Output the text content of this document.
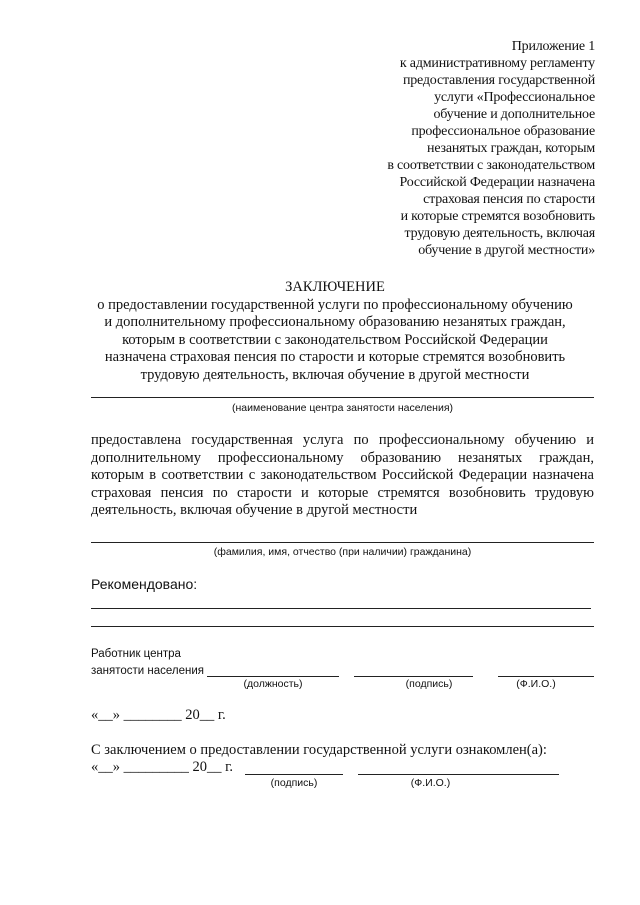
Приложение 1
к административному регламенту
предоставления государственной
услуги «Профессиональное
обучение и дополнительное
профессиональное образование
незанятых граждан, которым
в соответствии с законодательством
Российской Федерации назначена
страховая пенсия по старости
и которые стремятся возобновить
трудовую деятельность, включая
обучение в другой местности»
ЗАКЛЮЧЕНИЕ
о предоставлении государственной услуги по профессиональному обучению
и дополнительному профессиональному образованию незанятых граждан,
которым в соответствии с законодательством Российской Федерации
назначена страховая пенсия по старости и которые стремятся возобновить
трудовую деятельность, включая обучение в другой местности
(наименование центра занятости населения)
предоставлена государственная услуга по профессиональному обучению и дополнительному профессиональному образованию незанятых граждан, которым в соответствии с законодательством Российской Федерации назначена страховая пенсия по старости и которые стремятся возобновить трудовую деятельность, включая обучение в другой местности
(фамилия, имя, отчество (при наличии) гражданина)
Рекомендовано:
Работник центра
занятости населения
(должность)	(подпись)	(Ф.И.О.)
«__» ________ 20__ г.
С заключением о предоставлении государственной услуги ознакомлен(а):
«__» _________ 20__ г.
(подпись)	(Ф.И.О.)
